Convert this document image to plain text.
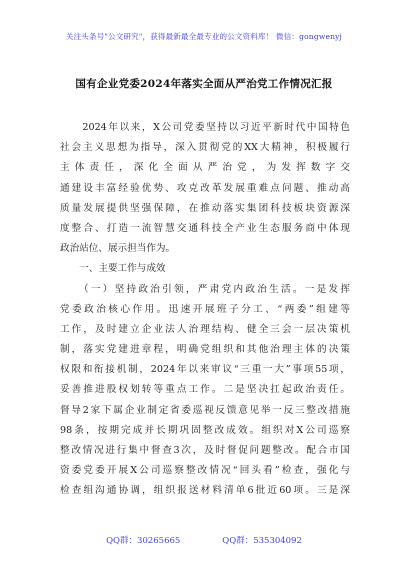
关注头条号"公文研究"，获得最新最全最专业的公文资料库！ 微信：gongwenyj
国有企业党委2024年落实全面从严治党工作情况汇报
　　2024年以来，X公司党委坚持以习近平新时代中国特色
社会主义思想为指导，深入贯彻党的XX大精神，积极履行
主体责任，深化全面从严治党，为发挥数字交
通建设丰富经验优势、攻克改革发展重难点问题、推动高
质量发展提供坚强保障，在推动落实集团科技板块资源深
度整合、打造一流智慧交通科技全产业生态服务商中体现
政治站位、展示担当作为。
　　一、主要工作与成效
　　（一）坚持政治引领，严肃党内政治生活。一是发挥
党委政治核心作用。迅速开展班子分工、“两委”组建等
工作，及时建立企业法人治理结构、健全三会一层决策机
制，落实党建进章程，明确党组织和其他治理主体的决策
权限和衔接机制，2024年以来审议“三重一大”事项55项，
妥善推进股权划转等重点工作。二是坚决扛起政治责任。
督导2家下属企业制定省委巡视反馈意见举一反三整改措施
98条，按期完成并长期巩固整改成效。组织对X公司巡察
整改情况进行集中督查3次，及时督促问题整改。配合市国
资委党委开展X公司巡察整改情况“回头看”检查，强化与
检查组沟通协调，组织报送材料清单6批近60项。三是深
QQ群：30265665	QQ群：535304092
